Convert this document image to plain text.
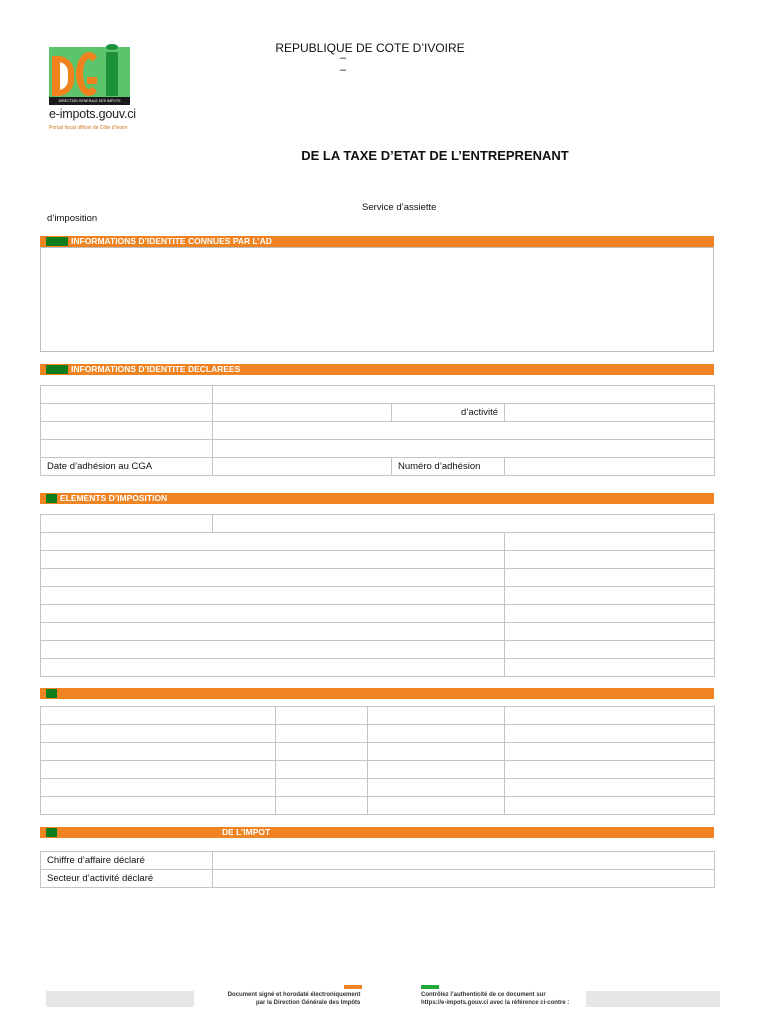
DIRECTION GENERALE DES IMPOTS
e-impots.gouv.ci
Portail fiscal officiel de Côte d'Ivoire
REPUBLIQUE DE COTE D’IVOIRE
– –
DE LA TAXE D’ETAT DE L’ENTREPRENANT
Service d’assiette
d’imposition
INFORMATIONS D’IDENTITE CONNUES PAR L’AD
INFORMATIONS D’IDENTITE DECLAREES

		d’activité	

Date d’adhésion au CGA		Numéro d’adhésion	
ELEMENTS D’IMPOSITION

DE L’IMPOT
Chiffre d’affaire déclaré	
Secteur d’activité déclaré	
Document signé et horodaté électroniquement
par la Direction Générale des Impôts
Contrôlez l’authenticité de ce document sur
https://e-impots.gouv.ci avec la référence ci-contre :
